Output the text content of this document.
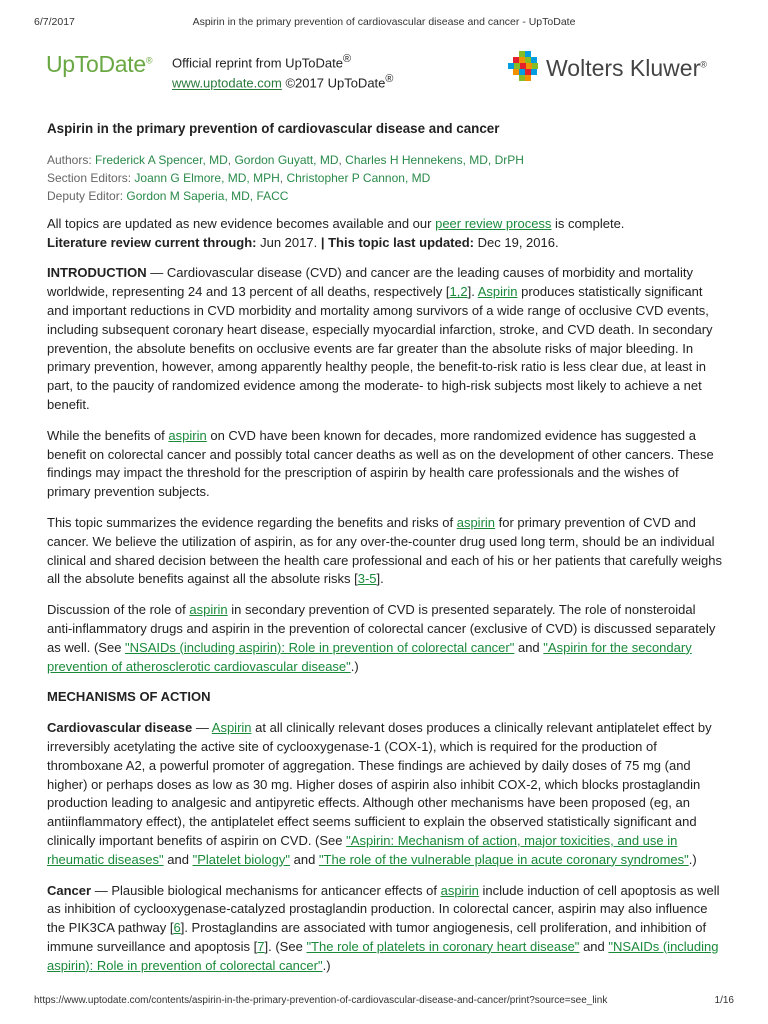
6/7/2017	Aspirin in the primary prevention of cardiovascular disease and cancer - UpToDate
UpToDate® Official reprint from UpToDate®
www.uptodate.com ©2017 UpToDate®	Wolters Kluwer®
Aspirin in the primary prevention of cardiovascular disease and cancer
Authors: Frederick A Spencer, MD, Gordon Guyatt, MD, Charles H Hennekens, MD, DrPH
Section Editors: Joann G Elmore, MD, MPH, Christopher P Cannon, MD
Deputy Editor: Gordon M Saperia, MD, FACC

All topics are updated as new evidence becomes available and our peer review process is complete.
Literature review current through: Jun 2017. | This topic last updated: Dec 19, 2016.

INTRODUCTION — Cardiovascular disease (CVD) and cancer are the leading causes of morbidity and mortality worldwide, representing 24 and 13 percent of all deaths, respectively [1,2]. Aspirin produces statistically significant and important reductions in CVD morbidity and mortality among survivors of a wide range of occlusive CVD events, including subsequent coronary heart disease, especially myocardial infarction, stroke, and CVD death. In secondary prevention, the absolute benefits on occlusive events are far greater than the absolute risks of major bleeding. In primary prevention, however, among apparently healthy people, the benefit-to-risk ratio is less clear due, at least in part, to the paucity of randomized evidence among the moderate- to high-risk subjects most likely to achieve a net benefit.

While the benefits of aspirin on CVD have been known for decades, more randomized evidence has suggested a benefit on colorectal cancer and possibly total cancer deaths as well as on the development of other cancers. These findings may impact the threshold for the prescription of aspirin by health care professionals and the wishes of primary prevention subjects.

This topic summarizes the evidence regarding the benefits and risks of aspirin for primary prevention of CVD and cancer. We believe the utilization of aspirin, as for any over-the-counter drug used long term, should be an individual clinical and shared decision between the health care professional and each of his or her patients that carefully weighs all the absolute benefits against all the absolute risks [3-5].

Discussion of the role of aspirin in secondary prevention of CVD is presented separately. The role of nonsteroidal anti-inflammatory drugs and aspirin in the prevention of colorectal cancer (exclusive of CVD) is discussed separately as well. (See "NSAIDs (including aspirin): Role in prevention of colorectal cancer" and "Aspirin for the secondary prevention of atherosclerotic cardiovascular disease".)

MECHANISMS OF ACTION

Cardiovascular disease — Aspirin at all clinically relevant doses produces a clinically relevant antiplatelet effect by irreversibly acetylating the active site of cyclooxygenase-1 (COX-1), which is required for the production of thromboxane A2, a powerful promoter of aggregation. These findings are achieved by daily doses of 75 mg (and higher) or perhaps doses as low as 30 mg. Higher doses of aspirin also inhibit COX-2, which blocks prostaglandin production leading to analgesic and antipyretic effects. Although other mechanisms have been proposed (eg, an antiinflammatory effect), the antiplatelet effect seems sufficient to explain the observed statistically significant and clinically important benefits of aspirin on CVD. (See "Aspirin: Mechanism of action, major toxicities, and use in rheumatic diseases" and "Platelet biology" and "The role of the vulnerable plaque in acute coronary syndromes".)

Cancer — Plausible biological mechanisms for anticancer effects of aspirin include induction of cell apoptosis as well as inhibition of cyclooxygenase-catalyzed prostaglandin production. In colorectal cancer, aspirin may also influence the PIK3CA pathway [6]. Prostaglandins are associated with tumor angiogenesis, cell proliferation, and inhibition of immune surveillance and apoptosis [7]. (See "The role of platelets in coronary heart disease" and "NSAIDs (including aspirin): Role in prevention of colorectal cancer".)

https://www.uptodate.com/contents/aspirin-in-the-primary-prevention-of-cardiovascular-disease-and-cancer/print?source=see_link	1/16
